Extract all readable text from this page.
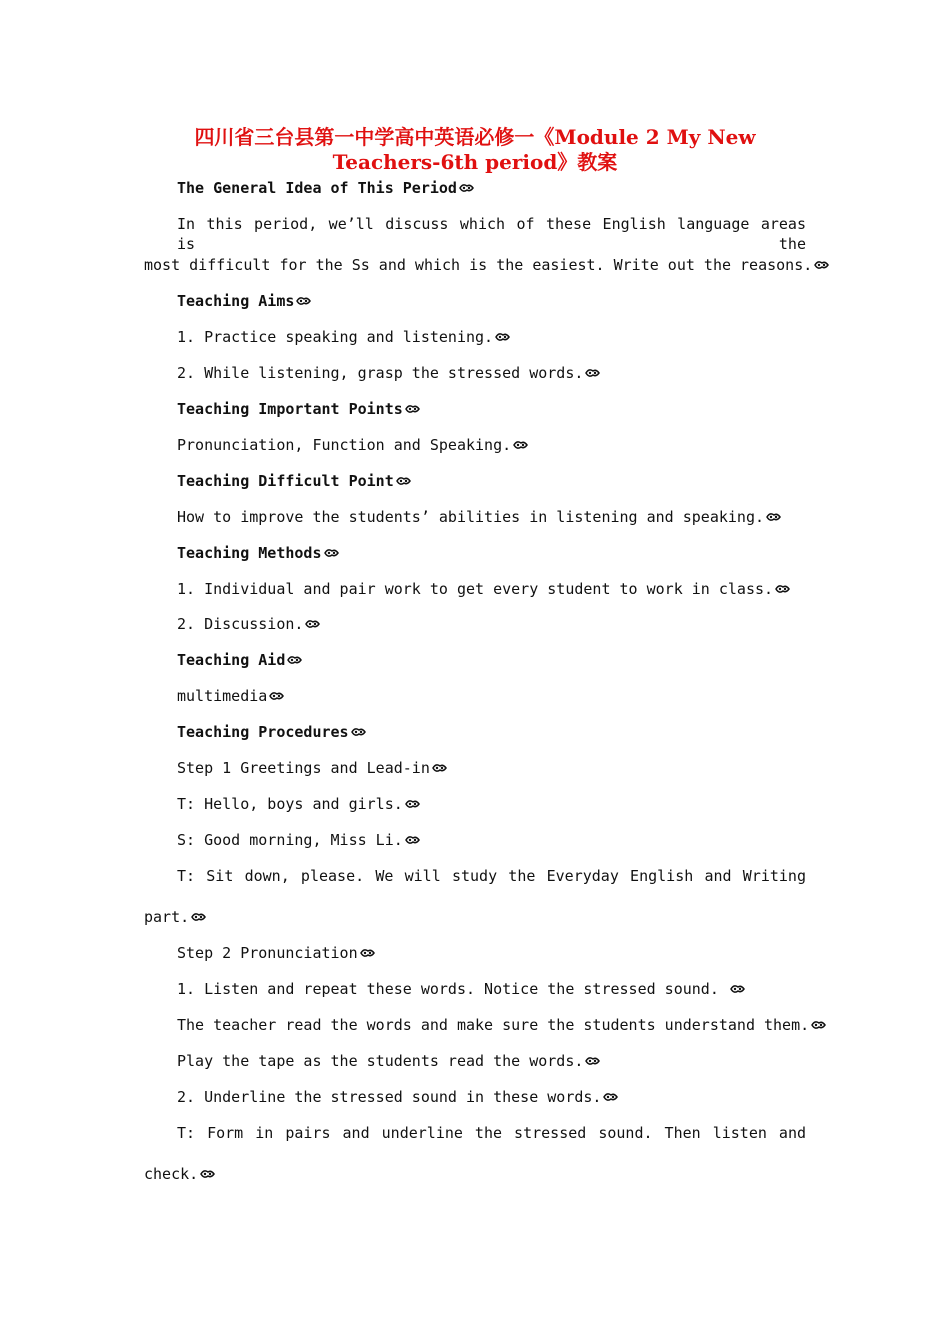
四川省三台县第一中学高中英语必修一《Module 2 My New
Teachers-6th period》教案
The General Idea of This Period
In this period, we’ll discuss which of these English language areas is the
most difficult for the Ss and which is the easiest. Write out the reasons.
Teaching Aims
1. Practice speaking and listening.
2. While listening, grasp the stressed words.
Teaching Important Points
Pronunciation, Function and Speaking.
Teaching Difficult Point
How to improve the students’ abilities in listening and speaking.
Teaching Methods
1. Individual and pair work to get every student to work in class.
2. Discussion.
Teaching Aid
multimedia
Teaching Procedures
Step 1 Greetings and Lead-in
T: Hello, boys and girls.
S: Good morning, Miss Li.
T: Sit down, please. We will study the Everyday English and Writing
part.
Step 2 Pronunciation
1. Listen and repeat these words. Notice the stressed sound.
The teacher read the words and make sure the students understand them.
Play the tape as the students read the words.
2. Underline the stressed sound in these words.
T: Form in pairs and underline the stressed sound. Then listen and
check.
